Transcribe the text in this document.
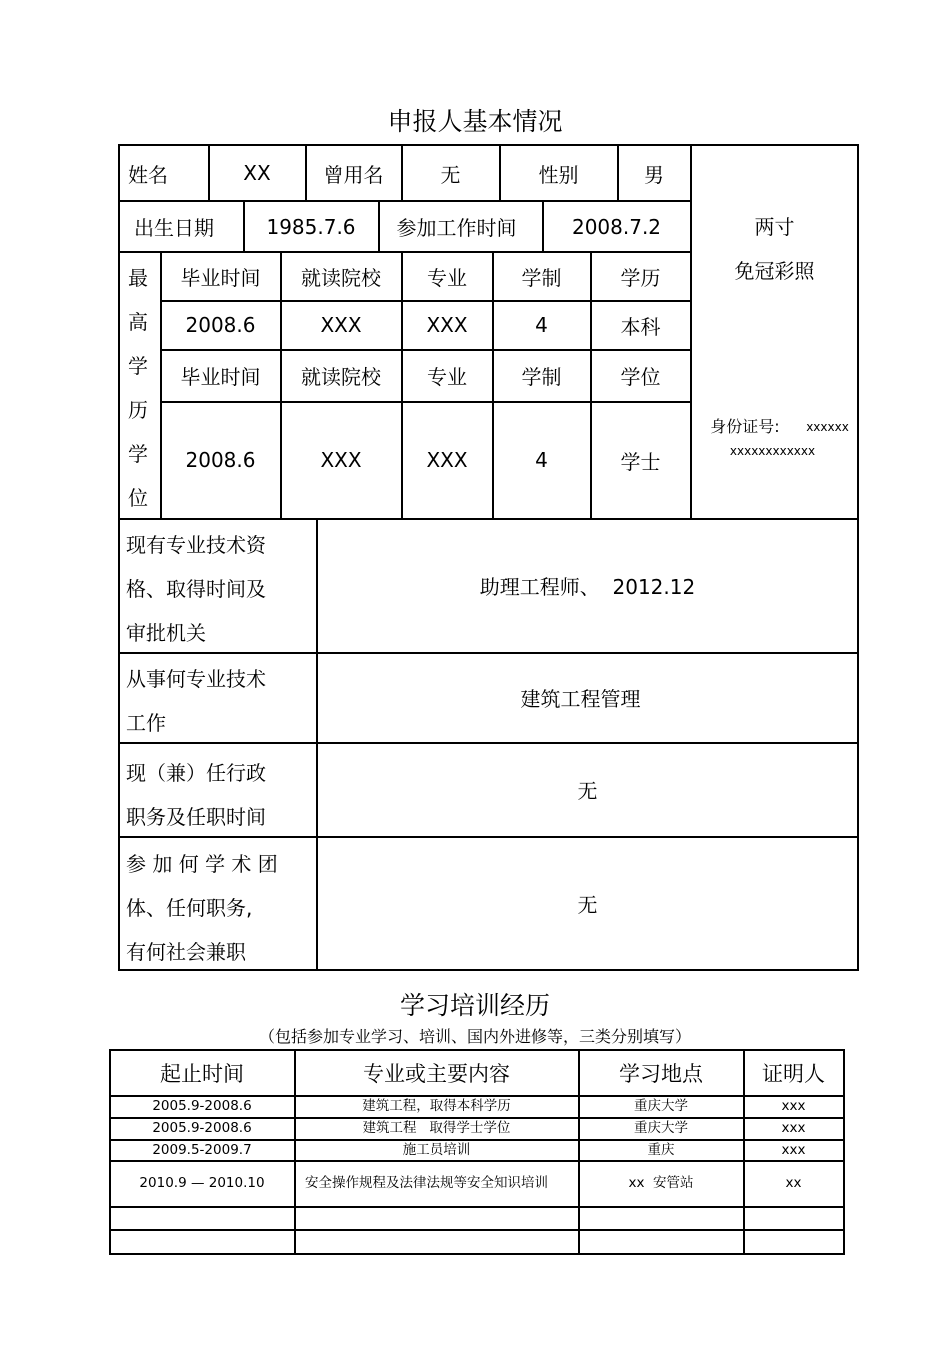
申报人基本情况
姓名	XX	曾用名	无	性别	男
两寸
免冠彩照
身份证号:	xxxxxx
xxxxxxxxxxxx
出生日期	1985.7.6	参加工作时间	2008.7.2
最
高
学
历
学
位
毕业时间	就读院校	专业	学制	学历
2008.6	XXX	XXX	4	本科
毕业时间	就读院校	专业	学制	学位
2008.6	XXX	XXX	4	学士
现有专业技术资
格、取得时间及
审批机关
助理工程师、  2012.12
从事何专业技术
工作
建筑工程管理
现（兼）任行政
职务及任职时间
无
参 加 何 学 术 团
体、任何职务,
有何社会兼职
无
学习培训经历
（包括参加专业学习、培训、国内外进修等，三类分别填写）
起止时间	专业或主要内容	学习地点	证明人
2005.9-2008.6	建筑工程，取得本科学历	重庆大学	xxx
2005.9-2008.6	建筑工程   取得学士学位	重庆大学	xxx
2009.5-2009.7	施工员培训	重庆	xxx
2010.9 — 2010.10	安全操作规程及法律法规等安全知识培训	xx  安管站	xx
